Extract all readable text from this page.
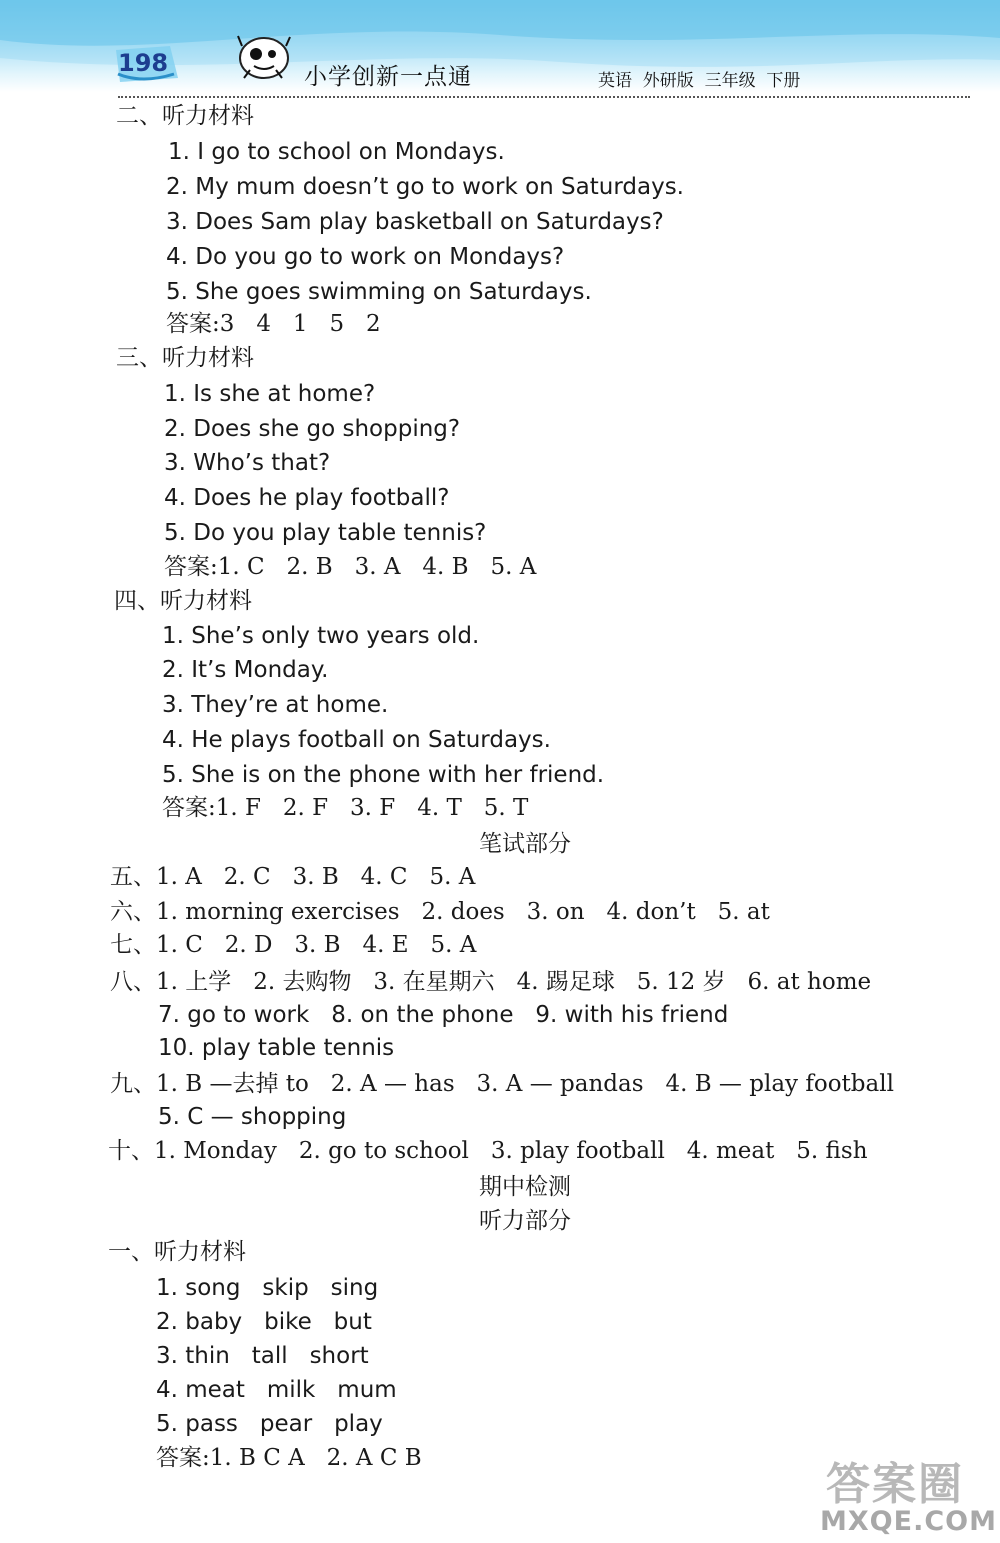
198	小学创新一点通	英语  外研版  三年级  下册
二、听力材料
1. I go to school on Mondays.
2. My mum doesn’t go to work on Saturdays.
3. Does Sam play basketball on Saturdays?
4. Do you go to work on Mondays?
5. She goes swimming on Saturdays.
答案:3   4   1   5   2
三、听力材料
1. Is she at home?
2. Does she go shopping?
3. Who’s that?
4. Does he play football?
5. Do you play table tennis?
答案:1. C   2. B   3. A   4. B   5. A
四、听力材料
1. She’s only two years old.
2. It’s Monday.
3. They’re at home.
4. He plays football on Saturdays.
5. She is on the phone with her friend.
答案:1. F   2. F   3. F   4. T   5. T
笔试部分
五、1. A   2. C   3. B   4. C   5. A
六、1. morning exercises   2. does   3. on   4. don’t   5. at
七、1. C   2. D   3. B   4. E   5. A
八、1. 上学   2. 去购物   3. 在星期六   4. 踢足球   5. 12 岁   6. at home
7. go to work   8. on the phone   9. with his friend
10. play table tennis
九、1. B —去掉 to   2. A — has   3. A — pandas   4. B — play football
5. C — shopping
十、1. Monday   2. go to school   3. play football   4. meat   5. fish
期中检测
听力部分
一、听力材料
1. song   skip   sing
2. baby   bike   but
3. thin   tall   short
4. meat   milk   mum
5. pass   pear   play
答案:1. B C A   2. A C B
答案圈
MXQE.COM
